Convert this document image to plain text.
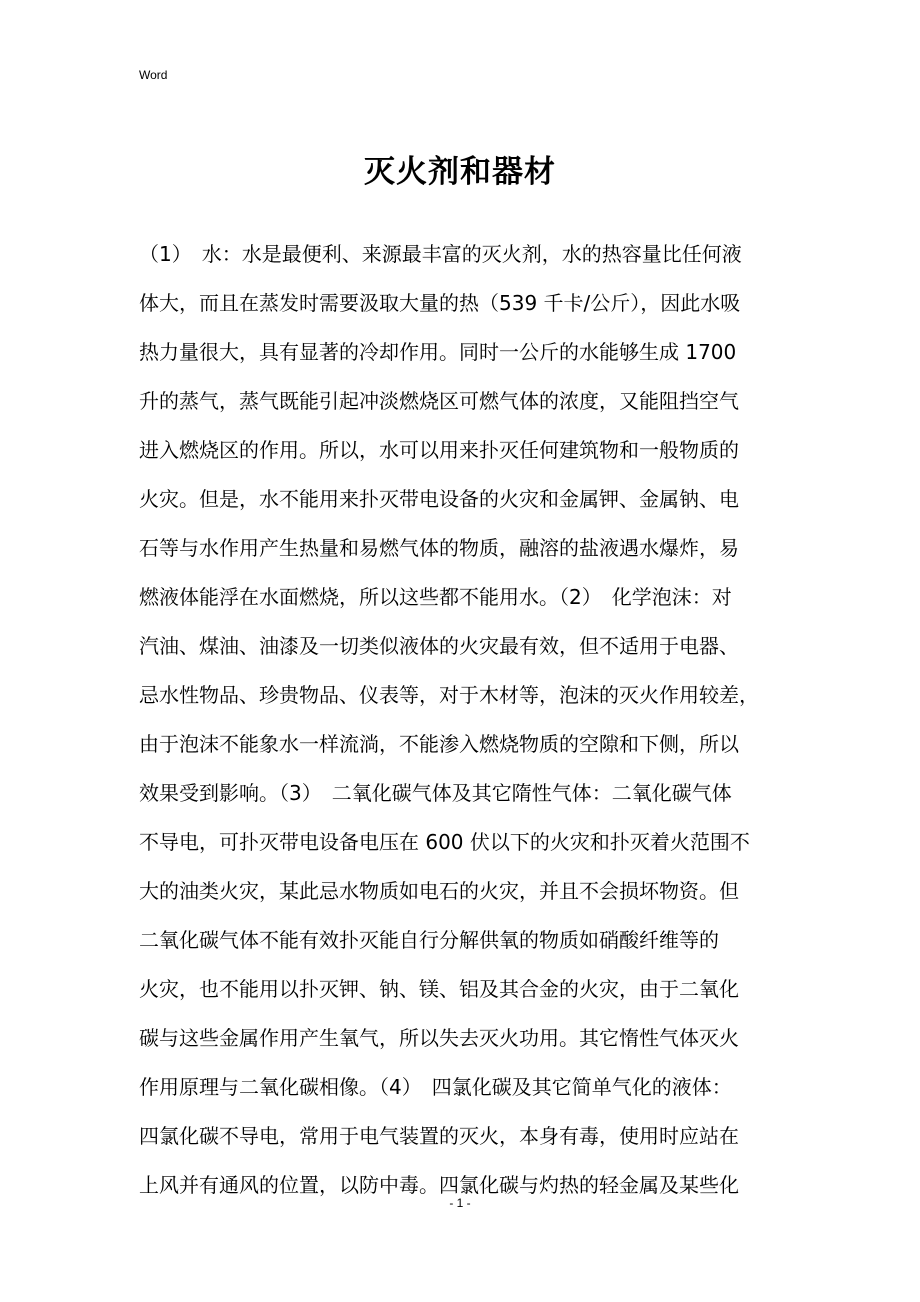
Word
灭火剂和器材
（1）　水：水是最便利、来源最丰富的灭火剂，水的热容量比任何液
体大，而且在蒸发时需要汲取大量的热（539 千卡/公斤），因此水吸
热力量很大，具有显著的冷却作用。同时一公斤的水能够生成 1700
升的蒸气，蒸气既能引起冲淡燃烧区可燃气体的浓度，又能阻挡空气
进入燃烧区的作用。所以，水可以用来扑灭任何建筑物和一般物质的
火灾。但是，水不能用来扑灭带电设备的火灾和金属钾、金属钠、电
石等与水作用产生热量和易燃气体的物质，融溶的盐液遇水爆炸，易
燃液体能浮在水面燃烧，所以这些都不能用水。（2）　化学泡沫：对
汽油、煤油、油漆及一切类似液体的火灾最有效，但不适用于电器、
忌水性物品、珍贵物品、仪表等，对于木材等，泡沫的灭火作用较差，
由于泡沫不能象水一样流淌，不能渗入燃烧物质的空隙和下侧，所以
效果受到影响。（3）　二氧化碳气体及其它隋性气体：二氧化碳气体
不导电，可扑灭带电设备电压在 600 伏以下的火灾和扑灭着火范围不
大的油类火灾，某此忌水物质如电石的火灾，并且不会损坏物资。但
二氧化碳气体不能有效扑灭能自行分解供氧的物质如硝酸纤维等的
火灾，也不能用以扑灭钾、钠、镁、铝及其合金的火灾，由于二氧化
碳与这些金属作用产生氧气，所以失去灭火功用。其它惰性气体灭火
作用原理与二氧化碳相像。（4）　四氯化碳及其它简单气化的液体：
四氯化碳不导电，常用于电气装置的灭火，本身有毒，使用时应站在
上风并有通风的位置，以防中毒。四氯化碳与灼热的轻金属及某些化
- 1 -
